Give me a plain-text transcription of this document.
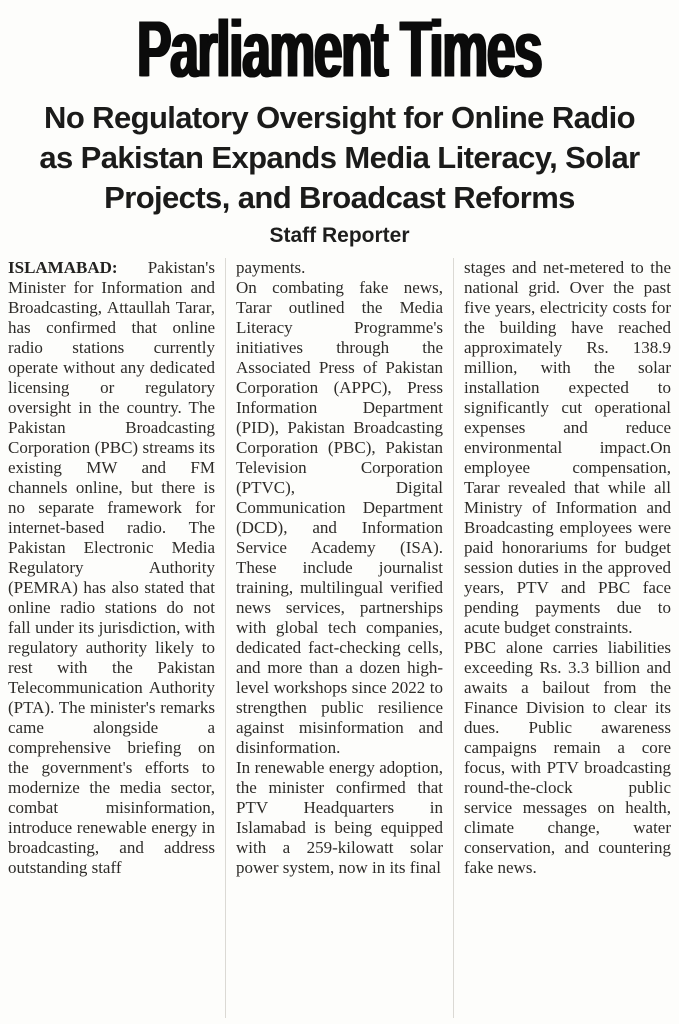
Parliament Times
No Regulatory Oversight for Online Radio
as Pakistan Expands Media Literacy, Solar
Projects, and Broadcast Reforms
Staff Reporter

ISLAMABAD: Pakistan's Minister for Information and Broadcasting, Attaullah Tarar, has confirmed that online radio stations currently operate without any dedicated licensing or regulatory oversight in the country. The Pakistan Broadcasting Corporation (PBC) streams its existing MW and FM channels online, but there is no separate framework for internet-based radio. The Pakistan Electronic Media Regulatory Authority (PEMRA) has also stated that online radio stations do not fall under its jurisdiction, with regulatory authority likely to rest with the Pakistan Telecommunication Authority (PTA). The minister's remarks came alongside a comprehensive briefing on the government's efforts to modernize the media sector, combat misinformation, introduce renewable energy in broadcasting, and address outstanding staff

payments.

On combating fake news, Tarar outlined the Media Literacy Programme's initiatives through the Associated Press of Pakistan Corporation (APPC), Press Information Department (PID), Pakistan Broadcasting Corporation (PBC), Pakistan Television Corporation (PTVC), Digital Communication Department (DCD), and Information Service Academy (ISA). These include journalist training, multilingual verified news services, partnerships with global tech companies, dedicated fact-checking cells, and more than a dozen high-level workshops since 2022 to strengthen public resilience against misinformation and disinformation.

In renewable energy adoption, the minister confirmed that PTV Headquarters in Islamabad is being equipped with a 259-kilowatt solar power system, now in its final

stages and net-metered to the national grid. Over the past five years, electricity costs for the building have reached approximately Rs. 138.9 million, with the solar installation expected to significantly cut operational expenses and reduce environmental impact.On employee compensation, Tarar revealed that while all Ministry of Information and Broadcasting employees were paid honorariums for budget session duties in the approved years, PTV and PBC face pending payments due to acute budget constraints.

PBC alone carries liabilities exceeding Rs. 3.3 billion and awaits a bailout from the Finance Division to clear its dues. Public awareness campaigns remain a core focus, with PTV broadcasting round-the-clock public service messages on health, climate change, water conservation, and countering fake news.
